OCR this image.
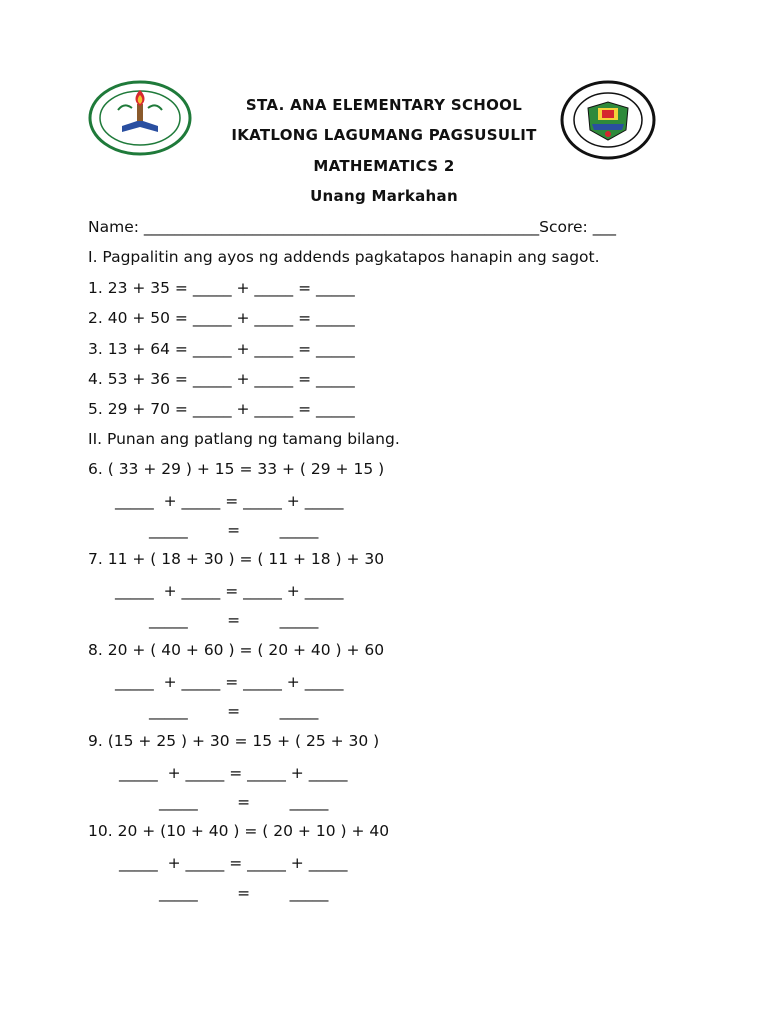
STA. ANA ELEMENTARY SCHOOL
IKATLONG LAGUMANG PAGSUSULIT
MATHEMATICS 2
Unang Markahan
Name: ___________________________________________________Score: ___
I. Pagpalitin ang ayos ng addends pagkatapos hanapin ang sagot.
1. 23 + 35 = _____ + _____ = _____
2. 40 + 50 = _____ + _____ = _____
3. 13 + 64 = _____ + _____ = _____
4. 53 + 36 = _____ + _____ = _____
5. 29 + 70 = _____ + _____ = _____
II. Punan ang patlang ng tamang bilang.
6. ( 33 + 29 ) + 15 = 33 + ( 29 + 15 )
_____  + _____ = _____ + _____
_____        =        _____
7. 11 + ( 18 + 30 ) = ( 11 + 18 ) + 30
_____  + _____ = _____ + _____
_____        =        _____
8. 20 + ( 40 + 60 ) = ( 20 + 40 ) + 60
_____  + _____ = _____ + _____
_____        =        _____
9. (15 + 25 ) + 30 = 15 + ( 25 + 30 )
_____  + _____ = _____ + _____
_____        =        _____
10. 20 + (10 + 40 ) = ( 20 + 10 ) + 40
_____  + _____ = _____ + _____
_____        =        _____
